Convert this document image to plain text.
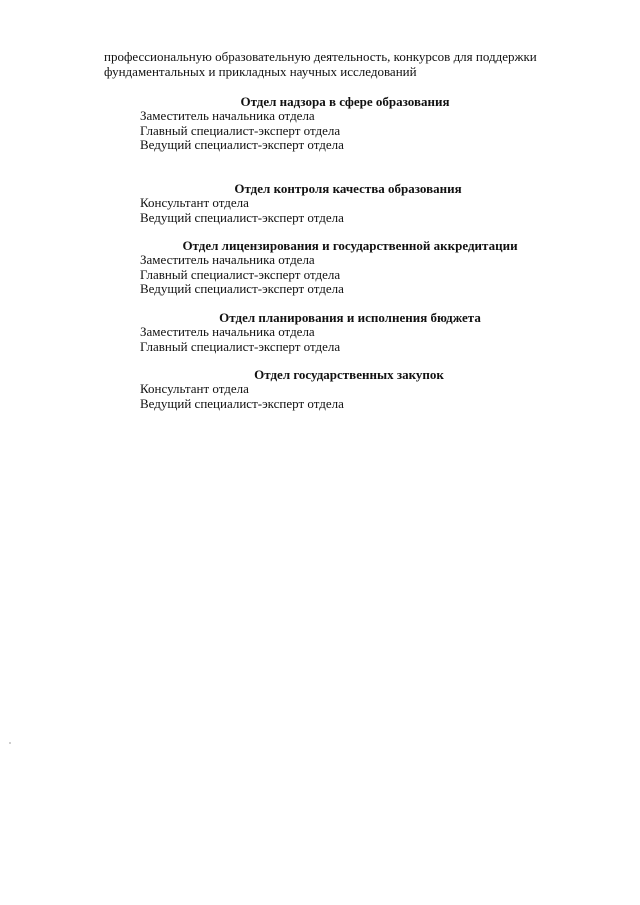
профессиональную образовательную деятельность, конкурсов для поддержки
фундаментальных и прикладных научных исследований
Отдел надзора в сфере образования
Заместитель начальника отдела
Главный специалист-эксперт отдела
Ведущий специалист-эксперт отдела
Отдел контроля качества образования
Консультант отдела
Ведущий специалист-эксперт отдела
Отдел лицензирования и государственной аккредитации
Заместитель начальника отдела
Главный специалист-эксперт отдела
Ведущий специалист-эксперт отдела
Отдел планирования и исполнения бюджета
Заместитель начальника отдела
Главный специалист-эксперт отдела
Отдел государственных закупок
Консультант отдела
Ведущий специалист-эксперт отдела
